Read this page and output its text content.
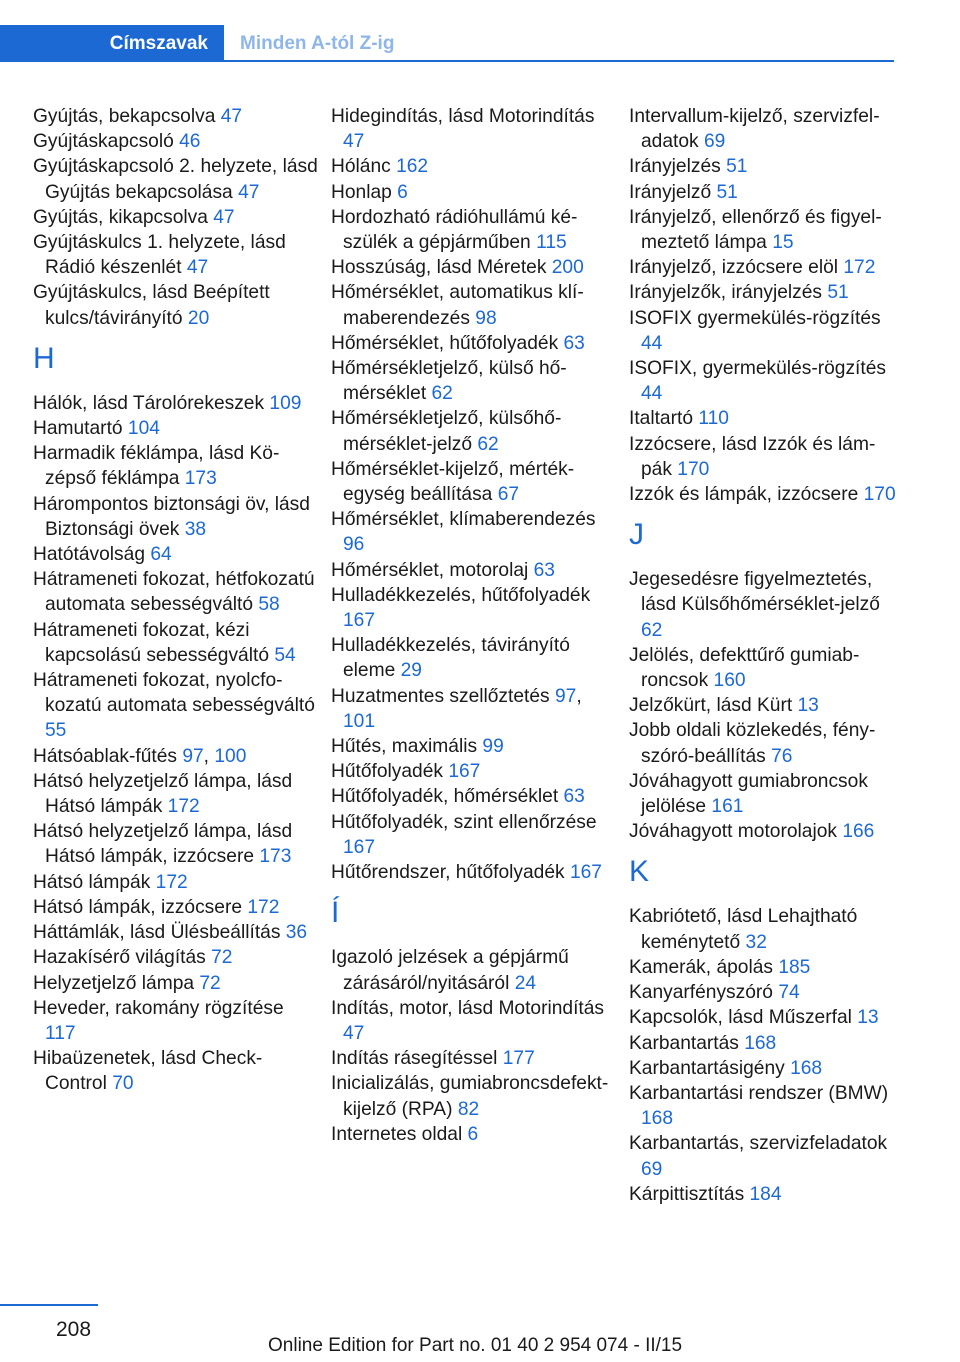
Címszavak	Minden A-tól Z-ig
Gyújtás, bekapcsolva 47
Gyújtáskapcsoló 46
Gyújtáskapcsoló 2. helyzete, lásd Gyújtás bekapcsolása 47
Gyújtás, kikapcsolva 47
Gyújtáskulcs 1. helyzete, lásd Rádió készenlét 47
Gyújtáskulcs, lásd Beépített kulcs/távirányító 20
H
Hálók, lásd Tárolórekeszek 109
Hamutartó 104
Harmadik féklámpa, lásd Középső féklámpa 173
Hárompontos biztonsági öv, lásd Biztonsági övek 38
Hatótávolság 64
Hátrameneti fokozat, hétfokozatú automata sebességváltó 58
Hátrameneti fokozat, kézi kapcsolású sebességváltó 54
Hátrameneti fokozat, nyolcfokozatú automata sebességváltó 55
Hátsóablak-fűtés 97, 100
Hátsó helyzetjelző lámpa, lásd Hátsó lámpák 172
Hátsó helyzetjelző lámpa, lásd Hátsó lámpák, izzócsere 173
Hátsó lámpák 172
Hátsó lámpák, izzócsere 172
Háttámlák, lásd Ülésbeállítás 36
Hazakísérő világítás 72
Helyzetjelző lámpa 72
Heveder, rakomány rögzítése 117
Hibaüzenetek, lásd Check-Control 70
Hidegindítás, lásd Motorindítás 47
Hólánc 162
Honlap 6
Hordozható rádióhullámú készülék a gépjárműben 115
Hosszúság, lásd Méretek 200
Hőmérséklet, automatikus klímaberendezés 98
Hőmérséklet, hűtőfolyadék 63
Hőmérsékletjelző, külső hőmérséklet 62
Hőmérsékletjelző, külsőhőmérséklet-jelző 62
Hőmérséklet-kijelző, mértékegység beállítása 67
Hőmérséklet, klímaberendezés 96
Hőmérséklet, motorolaj 63
Hulladékkezelés, hűtőfolyadék 167
Hulladékkezelés, távirányító eleme 29
Huzatmentes szellőztetés 97, 101
Hűtés, maximális 99
Hűtőfolyadék 167
Hűtőfolyadék, hőmérséklet 63
Hűtőfolyadék, szint ellenőrzése 167
Hűtőrendszer, hűtőfolyadék 167
Í
Igazoló jelzések a gépjármű zárásáról/nyitásáról 24
Indítás, motor, lásd Motorindítás 47
Indítás rásegítéssel 177
Inicializálás, gumiabroncsdefekt-kijelző (RPA) 82
Internetes oldal 6
Intervallum-kijelző, szervizfeladatok 69
Irányjelzés 51
Irányjelző 51
Irányjelző, ellenőrző és figyelmeztető lámpa 15
Irányjelző, izzócsere elöl 172
Irányjelzők, irányjelzés 51
ISOFIX gyermekülés-rögzítés 44
ISOFIX, gyermekülés-rögzítés 44
Italtartó 110
Izzócsere, lásd Izzók és lámpák 170
Izzók és lámpák, izzócsere 170
J
Jegesedésre figyelmeztetés, lásd Külsőhőmérséklet-jelző 62
Jelölés, defekttűrő gumiabroncsok 160
Jelzőkürt, lásd Kürt 13
Jobb oldali közlekedés, fényszóró-beállítás 76
Jóváhagyott gumiabroncsok jelölése 161
Jóváhagyott motorolajok 166
K
Kabriótető, lásd Lehajtható keménytető 32
Kamerák, ápolás 185
Kanyarfényszóró 74
Kapcsolók, lásd Műszerfal 13
Karbantartás 168
Karbantartásigény 168
Karbantartási rendszer (BMW) 168
Karbantartás, szervizfeladatok 69
Kárpittisztítás 184
208
Online Edition for Part no. 01 40 2 954 074 - II/15
